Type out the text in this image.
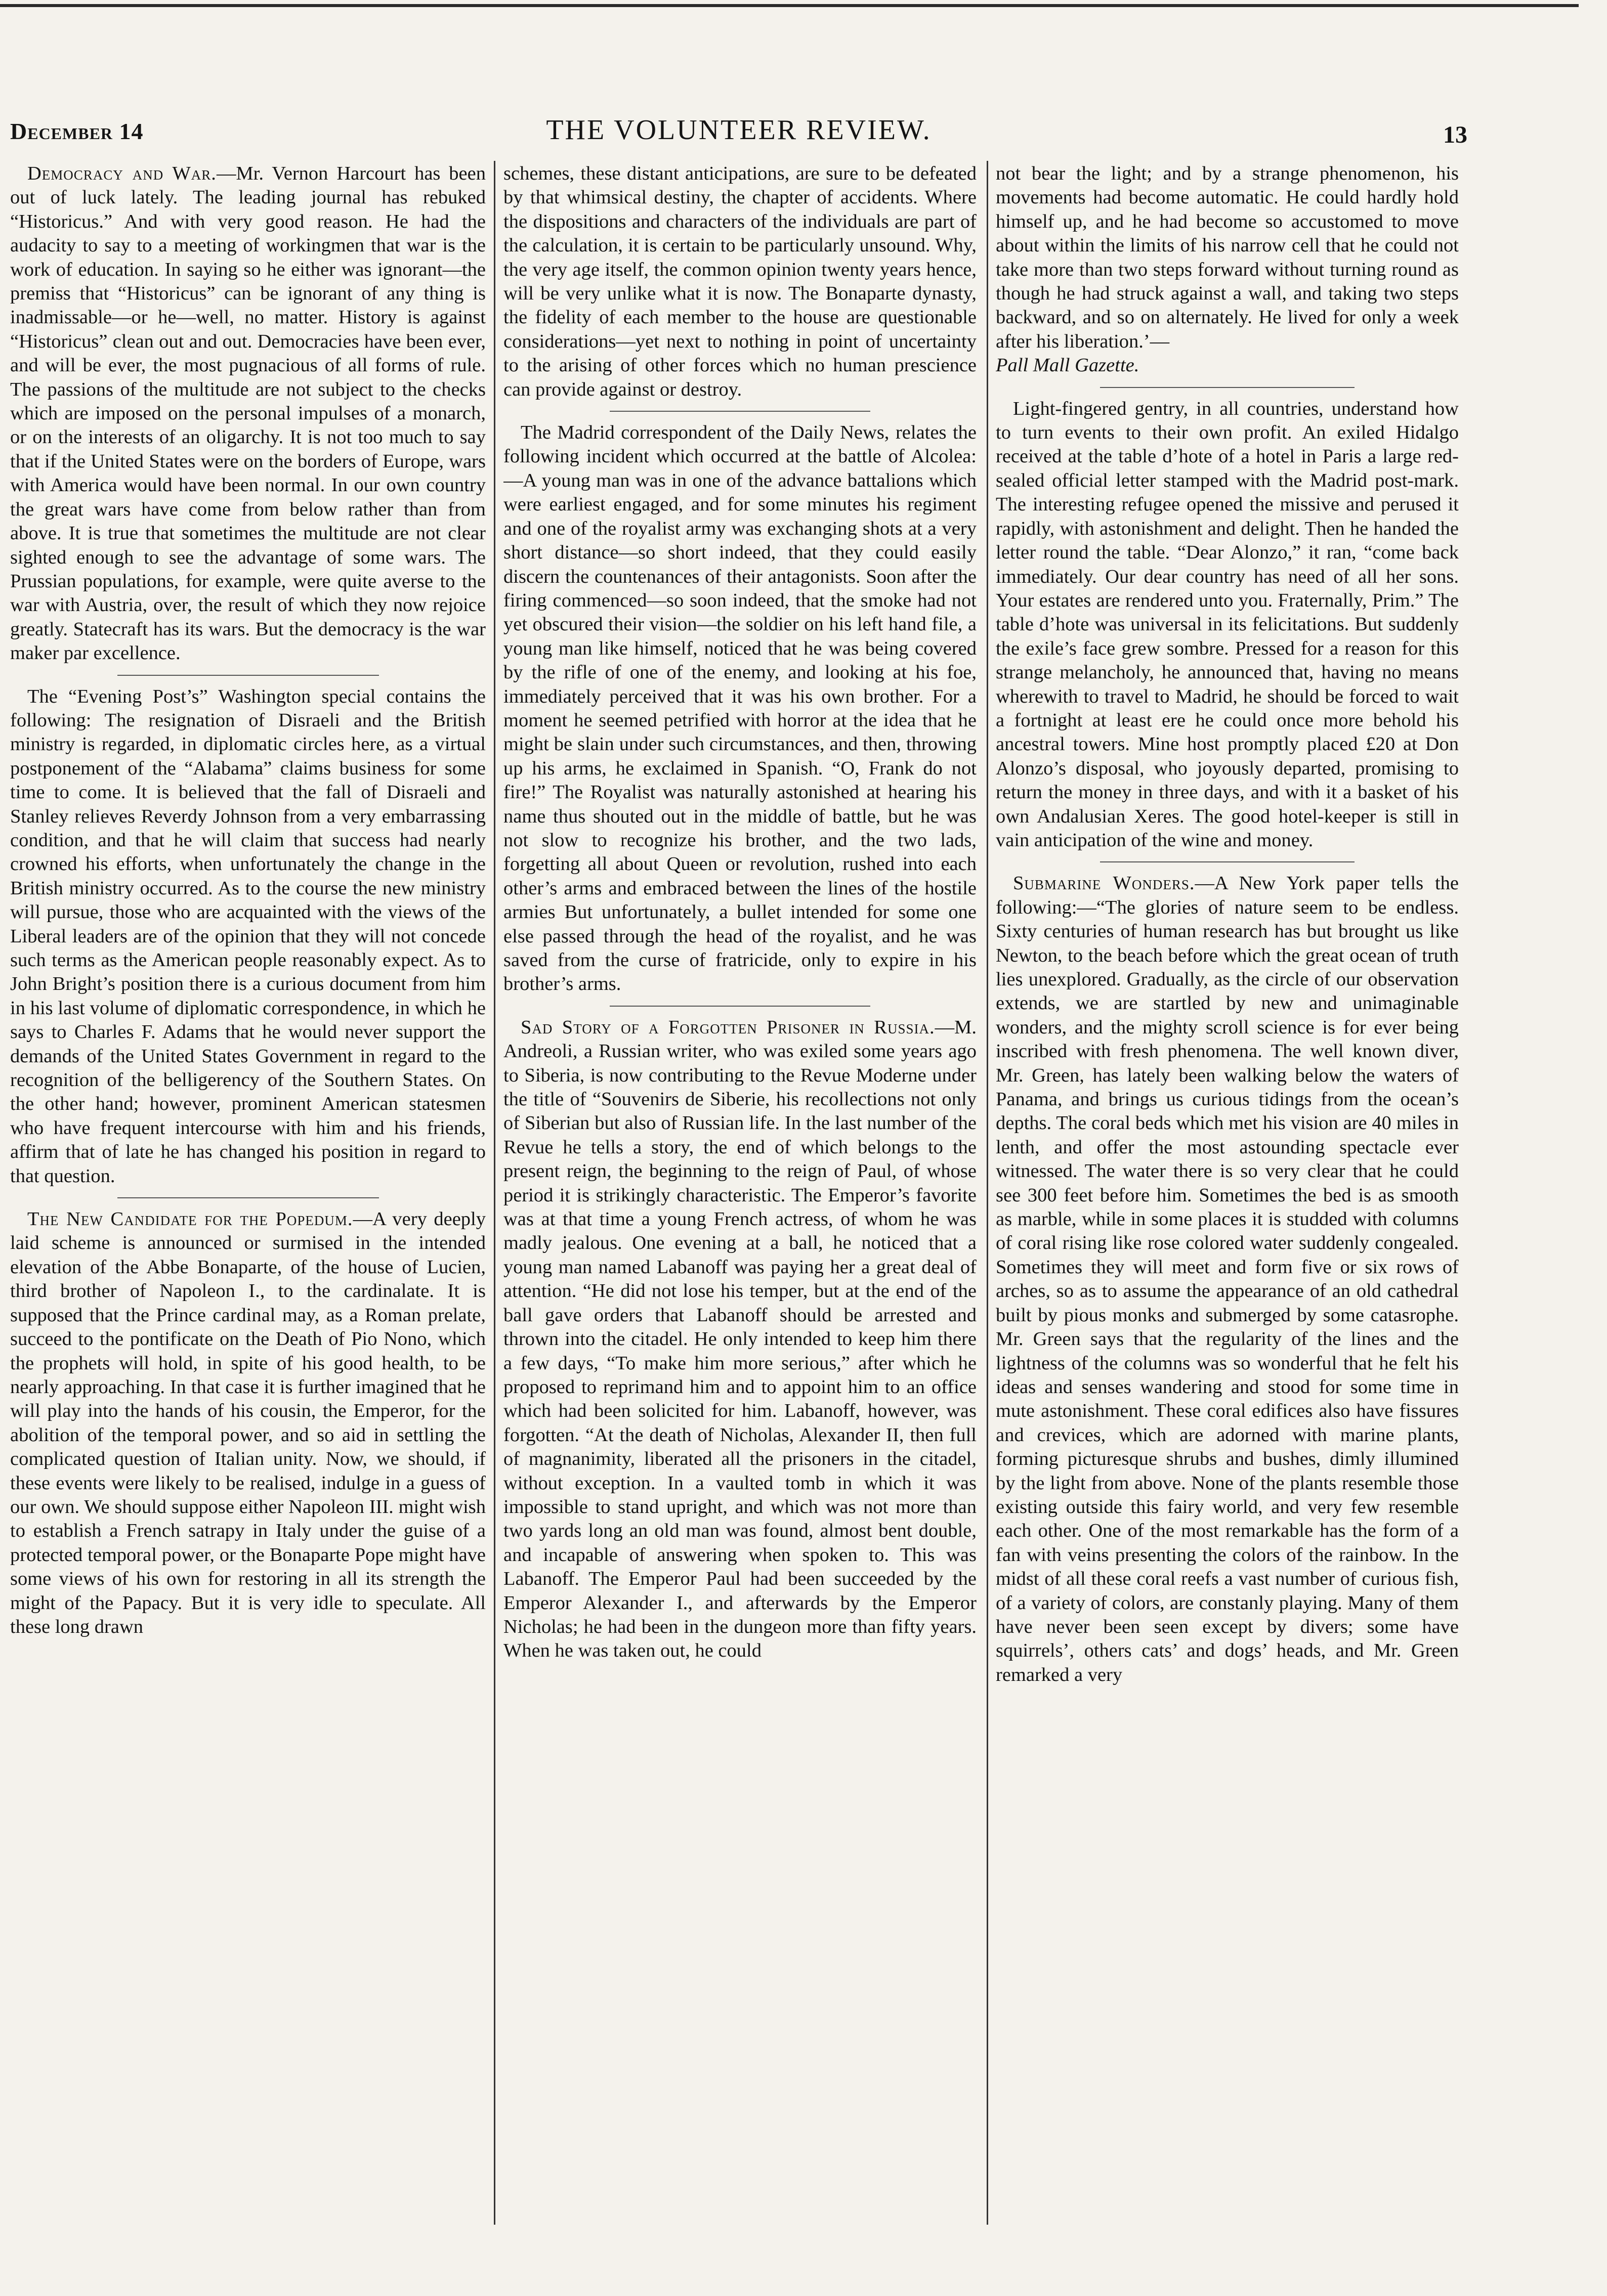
THE VOLUNTEER REVIEW.
December 14	13

Democracy and War.—Mr. Vernon Harcourt has been out of luck lately. The leading journal has rebuked “Historicus.” And with very good reason. He had the audacity to say to a meeting of workingmen that war is the work of education. In saying so he either was ignorant—the premiss that “Historicus” can be ignorant of any thing is inadmissable—or he—well, no matter. History is against “Historicus” clean out and out. Democracies have been ever, and will be ever, the most pugnacious of all forms of rule. The passions of the multitude are not subject to the checks which are imposed on the personal impulses of a monarch, or on the interests of an oligarchy. It is not too much to say that if the United States were on the borders of Europe, wars with America would have been normal. In our own country the great wars have come from below rather than from above. It is true that sometimes the multitude are not clear sighted enough to see the advantage of some wars. The Prussian populations, for example, were quite averse to the war with Austria, over, the result of which they now rejoice greatly. Statecraft has its wars. But the democracy is the war maker par excellence.

The “Evening Post’s” Washington special contains the following: The resignation of Disraeli and the British ministry is regarded, in diplomatic circles here, as a virtual postponement of the “Alabama” claims business for some time to come. It is believed that the fall of Disraeli and Stanley relieves Reverdy Johnson from a very embarrassing condition, and that he will claim that success had nearly crowned his efforts, when unfortunately the change in the British ministry occurred. As to the course the new ministry will pursue, those who are acquainted with the views of the Liberal leaders are of the opinion that they will not concede such terms as the American people reasonably expect. As to John Bright’s position there is a curious document from him in his last volume of diplomatic correspondence, in which he says to Charles F. Adams that he would never support the demands of the United States Government in regard to the recognition of the belligerency of the Southern States. On the other hand; however, prominent American statesmen who have frequent intercourse with him and his friends, affirm that of late he has changed his position in regard to that question.

The New Candidate for the Popedum.—A very deeply laid scheme is announced or surmised in the intended elevation of the Abbe Bonaparte, of the house of Lucien, third brother of Napoleon I., to the cardinalate. It is supposed that the Prince cardinal may, as a Roman prelate, succeed to the pontificate on the Death of Pio Nono, which the prophets will hold, in spite of his good health, to be nearly approaching. In that case it is further imagined that he will play into the hands of his cousin, the Emperor, for the abolition of the temporal power, and so aid in settling the complicated question of Italian unity. Now, we should, if these events were likely to be realised, indulge in a guess of our own. We should suppose either Napoleon III. might wish to establish a French satrapy in Italy under the guise of a protected temporal power, or the Bonaparte Pope might have some views of his own for restoring in all its strength the might of the Papacy. But it is very idle to speculate. All these long drawn

schemes, these distant anticipations, are sure to be defeated by that whimsical destiny, the chapter of accidents. Where the dispositions and characters of the individuals are part of the calculation, it is certain to be particularly unsound. Why, the very age itself, the common opinion twenty years hence, will be very unlike what it is now. The Bonaparte dynasty, the fidelity of each member to the house are questionable considerations—yet next to nothing in point of uncertainty to the arising of other forces which no human prescience can provide against or destroy.

The Madrid correspondent of the Daily News, relates the following incident which occurred at the battle of Alcolea:—A young man was in one of the advance battalions which were earliest engaged, and for some minutes his regiment and one of the royalist army was exchanging shots at a very short distance—so short indeed, that they could easily discern the countenances of their antagonists. Soon after the firing commenced—so soon indeed, that the smoke had not yet obscured their vision—the soldier on his left hand file, a young man like himself, noticed that he was being covered by the rifle of one of the enemy, and looking at his foe, immediately perceived that it was his own brother. For a moment he seemed petrified with horror at the idea that he might be slain under such circumstances, and then, throwing up his arms, he exclaimed in Spanish. “O, Frank do not fire!” The Royalist was naturally astonished at hearing his name thus shouted out in the middle of battle, but he was not slow to recognize his brother, and the two lads, forgetting all about Queen or revolution, rushed into each other’s arms and embraced between the lines of the hostile armies But unfortunately, a bullet intended for some one else passed through the head of the royalist, and he was saved from the curse of fratricide, only to expire in his brother’s arms.

Sad Story of a Forgotten Prisoner in Russia.—M. Andreoli, a Russian writer, who was exiled some years ago to Siberia, is now contributing to the Revue Moderne under the title of “Souvenirs de Siberie, his recollections not only of Siberian but also of Russian life. In the last number of the Revue he tells a story, the end of which belongs to the present reign, the beginning to the reign of Paul, of whose period it is strikingly characteristic. The Emperor’s favorite was at that time a young French actress, of whom he was madly jealous. One evening at a ball, he noticed that a young man named Labanoff was paying her a great deal of attention. “He did not lose his temper, but at the end of the ball gave orders that Labanoff should be arrested and thrown into the citadel. He only intended to keep him there a few days, “To make him more serious,” after which he proposed to reprimand him and to appoint him to an office which had been solicited for him. Labanoff, however, was forgotten. “At the death of Nicholas, Alexander II, then full of magnanimity, liberated all the prisoners in the citadel, without exception. In a vaulted tomb in which it was impossible to stand upright, and which was not more than two yards long an old man was found, almost bent double, and incapable of answering when spoken to. This was Labanoff. The Emperor Paul had been succeeded by the Emperor Alexander I., and afterwards by the Emperor Nicholas; he had been in the dungeon more than fifty years. When he was taken out, he could

not bear the light; and by a strange phenomenon, his movements had become automatic. He could hardly hold himself up, and he had become so accustomed to move about within the limits of his narrow cell that he could not take more than two steps forward without turning round as though he had struck against a wall, and taking two steps backward, and so on alternately. He lived for only a week after his liberation.’—
Pall Mall Gazette.

Light-fingered gentry, in all countries, understand how to turn events to their own profit. An exiled Hidalgo received at the table d’hote of a hotel in Paris a large red-sealed official letter stamped with the Madrid post-mark. The interesting refugee opened the missive and perused it rapidly, with astonishment and delight. Then he handed the letter round the table. “Dear Alonzo,” it ran, “come back immediately. Our dear country has need of all her sons. Your estates are rendered unto you. Fraternally, Prim.” The table d’hote was universal in its felicitations. But suddenly the exile’s face grew sombre. Pressed for a reason for this strange melancholy, he announced that, having no means wherewith to travel to Madrid, he should be forced to wait a fortnight at least ere he could once more behold his ancestral towers. Mine host promptly placed £20 at Don Alonzo’s disposal, who joyously departed, promising to return the money in three days, and with it a basket of his own Andalusian Xeres. The good hotel-keeper is still in vain anticipation of the wine and money.

Submarine Wonders.—A New York paper tells the following:—“The glories of nature seem to be endless. Sixty centuries of human research has but brought us like Newton, to the beach before which the great ocean of truth lies unexplored. Gradually, as the circle of our observation extends, we are startled by new and unimaginable wonders, and the mighty scroll science is for ever being inscribed with fresh phenomena. The well known diver, Mr. Green, has lately been walking below the waters of Panama, and brings us curious tidings from the ocean’s depths. The coral beds which met his vision are 40 miles in lenth, and offer the most astounding spectacle ever witnessed. The water there is so very clear that he could see 300 feet before him. Sometimes the bed is as smooth as marble, while in some places it is studded with columns of coral rising like rose colored water suddenly congealed. Sometimes they will meet and form five or six rows of arches, so as to assume the appearance of an old cathedral built by pious monks and submerged by some catasrophe. Mr. Green says that the regularity of the lines and the lightness of the columns was so wonderful that he felt his ideas and senses wandering and stood for some time in mute astonishment. These coral edifices also have fissures and crevices, which are adorned with marine plants, forming picturesque shrubs and bushes, dimly illumined by the light from above. None of the plants resemble those existing outside this fairy world, and very few resemble each other. One of the most remarkable has the form of a fan with veins presenting the colors of the rainbow. In the midst of all these coral reefs a vast number of curious fish, of a variety of colors, are constanly playing. Many of them have never been seen except by divers; some have squirrels’, others cats’ and dogs’ heads, and Mr. Green remarked a very
